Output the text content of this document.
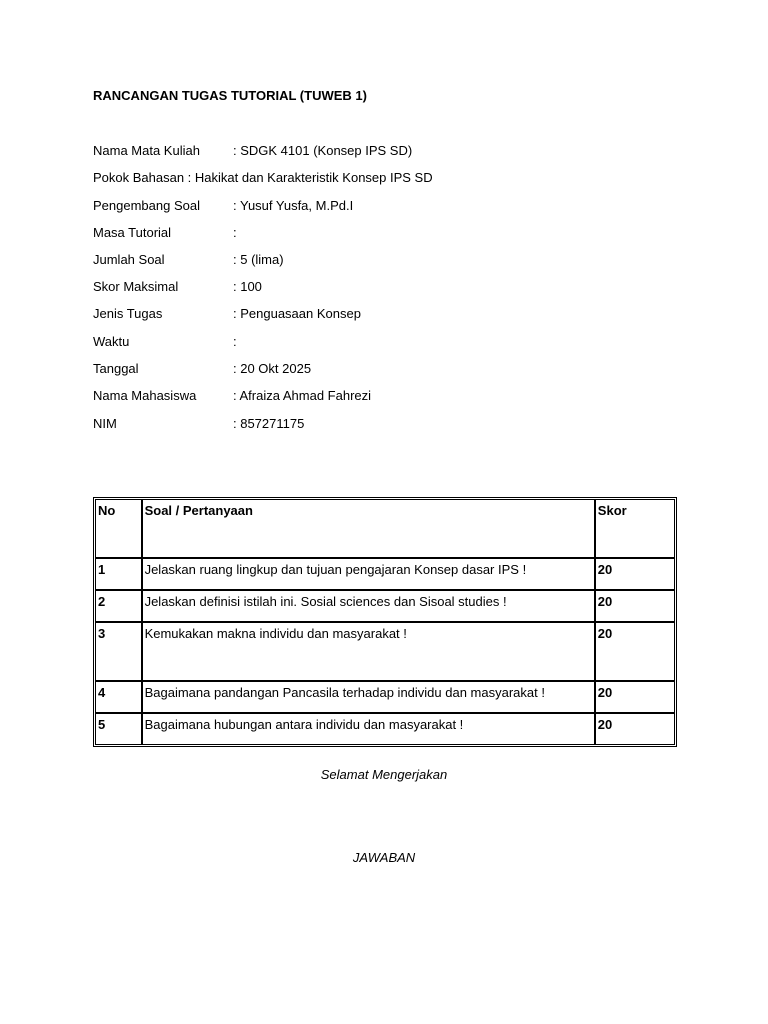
RANCANGAN TUGAS TUTORIAL (TUWEB 1)
Nama Mata Kuliah	: SDGK 4101 (Konsep IPS SD)
Pokok Bahasan : Hakikat dan Karakteristik Konsep IPS SD
Pengembang Soal	: Yusuf Yusfa, M.Pd.I
Masa Tutorial	:
Jumlah Soal	: 5 (lima)
Skor Maksimal	: 100
Jenis Tugas	: Penguasaan Konsep
Waktu	:
Tanggal	: 20 Okt 2025
Nama Mahasiswa	: Afraiza Ahmad Fahrezi
NIM	: 857271175
No	Soal / Pertanyaan	Skor
1	Jelaskan ruang lingkup dan tujuan pengajaran Konsep dasar IPS !	20
2	Jelaskan definisi istilah ini. Sosial sciences dan Sisoal studies !	20
3	Kemukakan makna individu dan masyarakat !	20
4	Bagaimana pandangan Pancasila terhadap individu dan masyarakat !	20
5	Bagaimana hubungan antara individu dan masyarakat !	20
Selamat Mengerjakan
JAWABAN
